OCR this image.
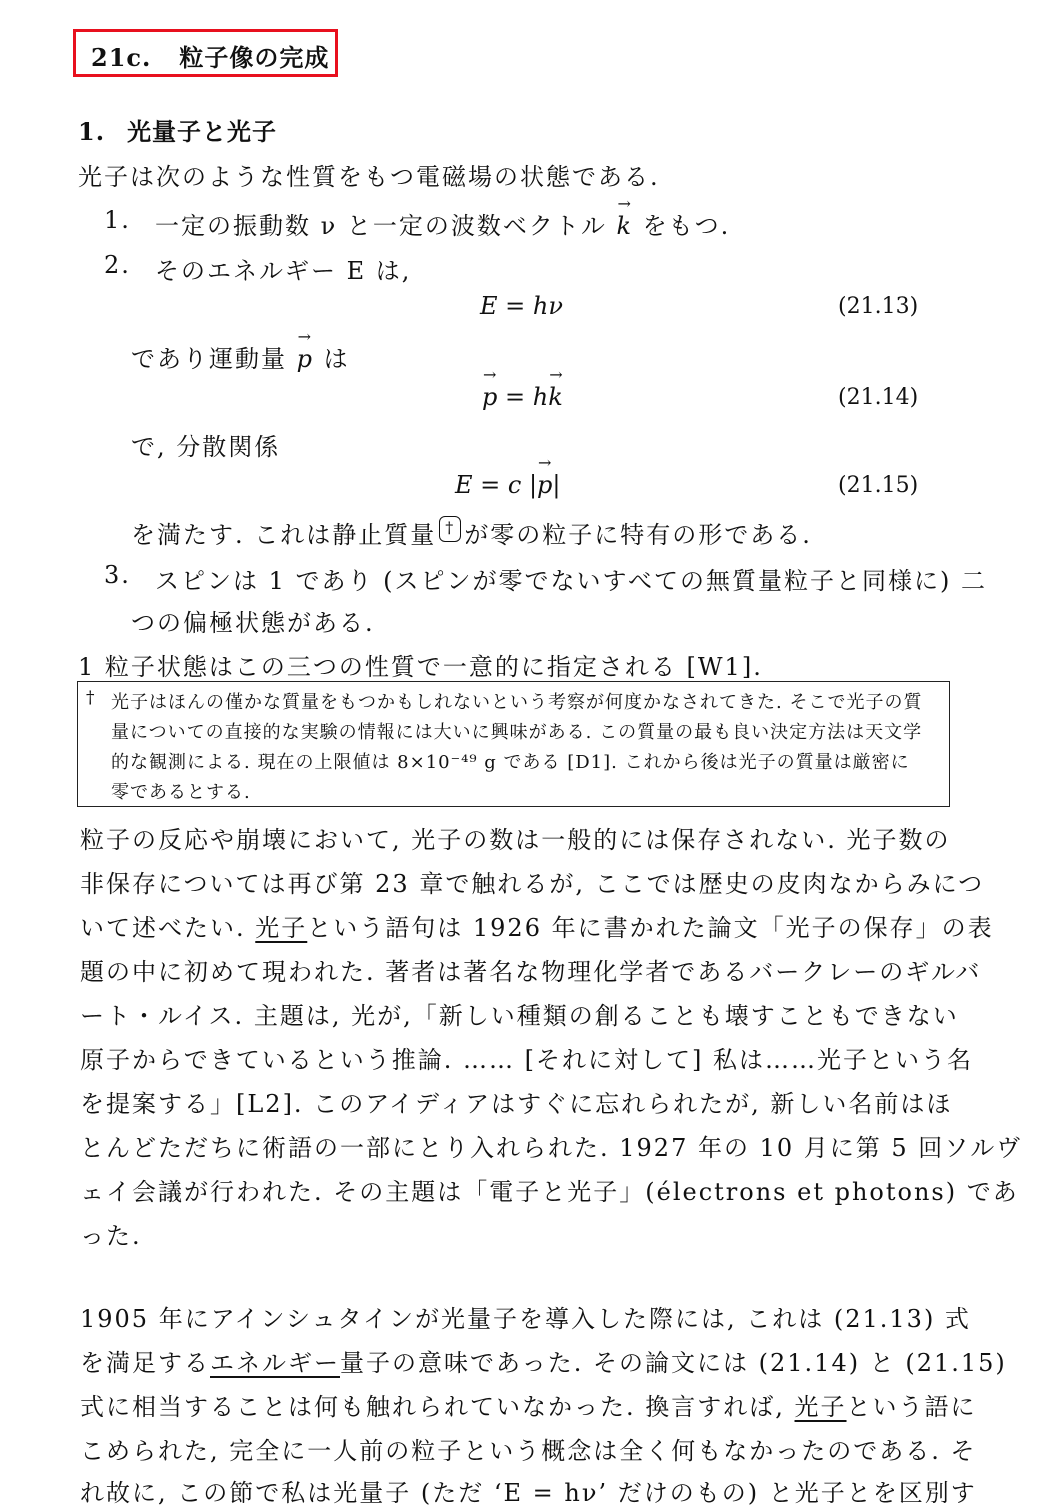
21c. 粒子像の完成
1. 光量子と光子
光子は次のような性質をもつ電磁場の状態である.
1. 一定の振動数 ν と一定の波数ベクトル → k をもつ.
2. そのエネルギー E は,
E = hν	(21.13)
であり運動量 → p は
→ p = h→ k	(21.14)
で, 分散関係
E = c |→ p|	(21.15)
を満たす. これは静止質量 † が零の粒子に特有の形である.
3. スピンは 1 であり (スピンが零でないすべての無質量粒子と同様に) 二
つの偏極状態がある.
1 粒子状態はこの三つの性質で一意的に指定される [W1].
† 光子はほんの僅かな質量をもつかもしれないという考察が何度かなされてきた. そこで光子の質
量についての直接的な実験の情報には大いに興味がある. この質量の最も良い決定方法は天文学
的な観測による. 現在の上限値は 8×10⁻⁴⁹ g である [D1]. これから後は光子の質量は厳密に
零であるとする.
粒子の反応や崩壊において, 光子の数は一般的には保存されない. 光子数の
非保存については再び第 23 章で触れるが, ここでは歴史の皮肉なからみにつ
いて述べたい. 光子という語句は 1926 年に書かれた論文「光子の保存」の表
題の中に初めて現われた. 著者は著名な物理化学者であるバークレーのギルバ
ート・ルイス. 主題は, 光が,「新しい種類の創ることも壊すこともできない
原子からできているという推論. …… [それに対して] 私は……光子という名
を提案する」[L2]. このアイディアはすぐに忘れられたが, 新しい名前はほ
とんどただちに術語の一部にとり入れられた. 1927 年の 10 月に第 5 回ソルヴ
ェイ会議が行われた. その主題は「電子と光子」(électrons et photons) であ
った.
1905 年にアインシュタインが光量子を導入した際には, これは (21.13) 式
を満足するエネルギー量子の意味であった. その論文には (21.14) と (21.15)
式に相当することは何も触れられていなかった. 換言すれば, 光子という語に
こめられた, 完全に一人前の粒子という概念は全く何もなかったのである. そ
れ故に, この節で私は光量子 (ただ ‘E = hν’ だけのもの) と光子とを区別す
